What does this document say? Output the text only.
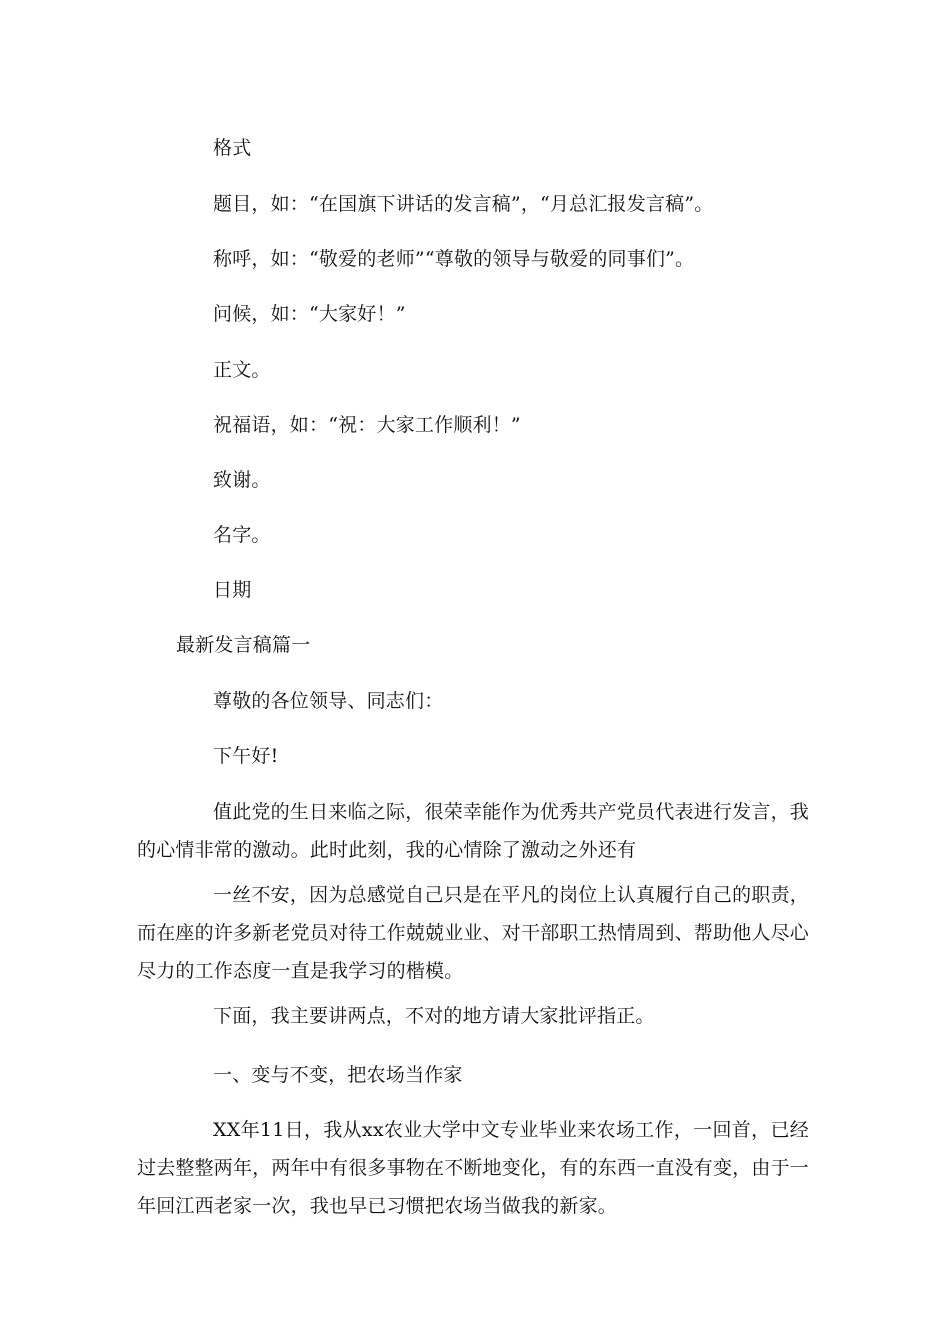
格式
题目，如：“在国旗下讲话的发言稿”，“月总汇报发言稿”。
称呼，如：“敬爱的老师”“尊敬的领导与敬爱的同事们”。
问候，如：“大家好！”
正文。
祝福语，如：“祝：大家工作顺利！”
致谢。
名字。
日期
最新发言稿篇一
尊敬的各位领导、同志们：
下午好!
值此党的生日来临之际，很荣幸能作为优秀共产党员代表进行发言，我的心情非常的激动。此时此刻，我的心情除了激动之外还有
一丝不安，因为总感觉自己只是在平凡的岗位上认真履行自己的职责，而在座的许多新老党员对待工作兢兢业业、对干部职工热情周到、帮助他人尽心尽力的工作态度一直是我学习的楷模。
下面，我主要讲两点，不对的地方请大家批评指正。
一、变与不变，把农场当作家
XX年11日，我从xx农业大学中文专业毕业来农场工作，一回首，已经过去整整两年，两年中有很多事物在不断地变化，有的东西一直没有变，由于一年回江西老家一次，我也早已习惯把农场当做我的新家。
